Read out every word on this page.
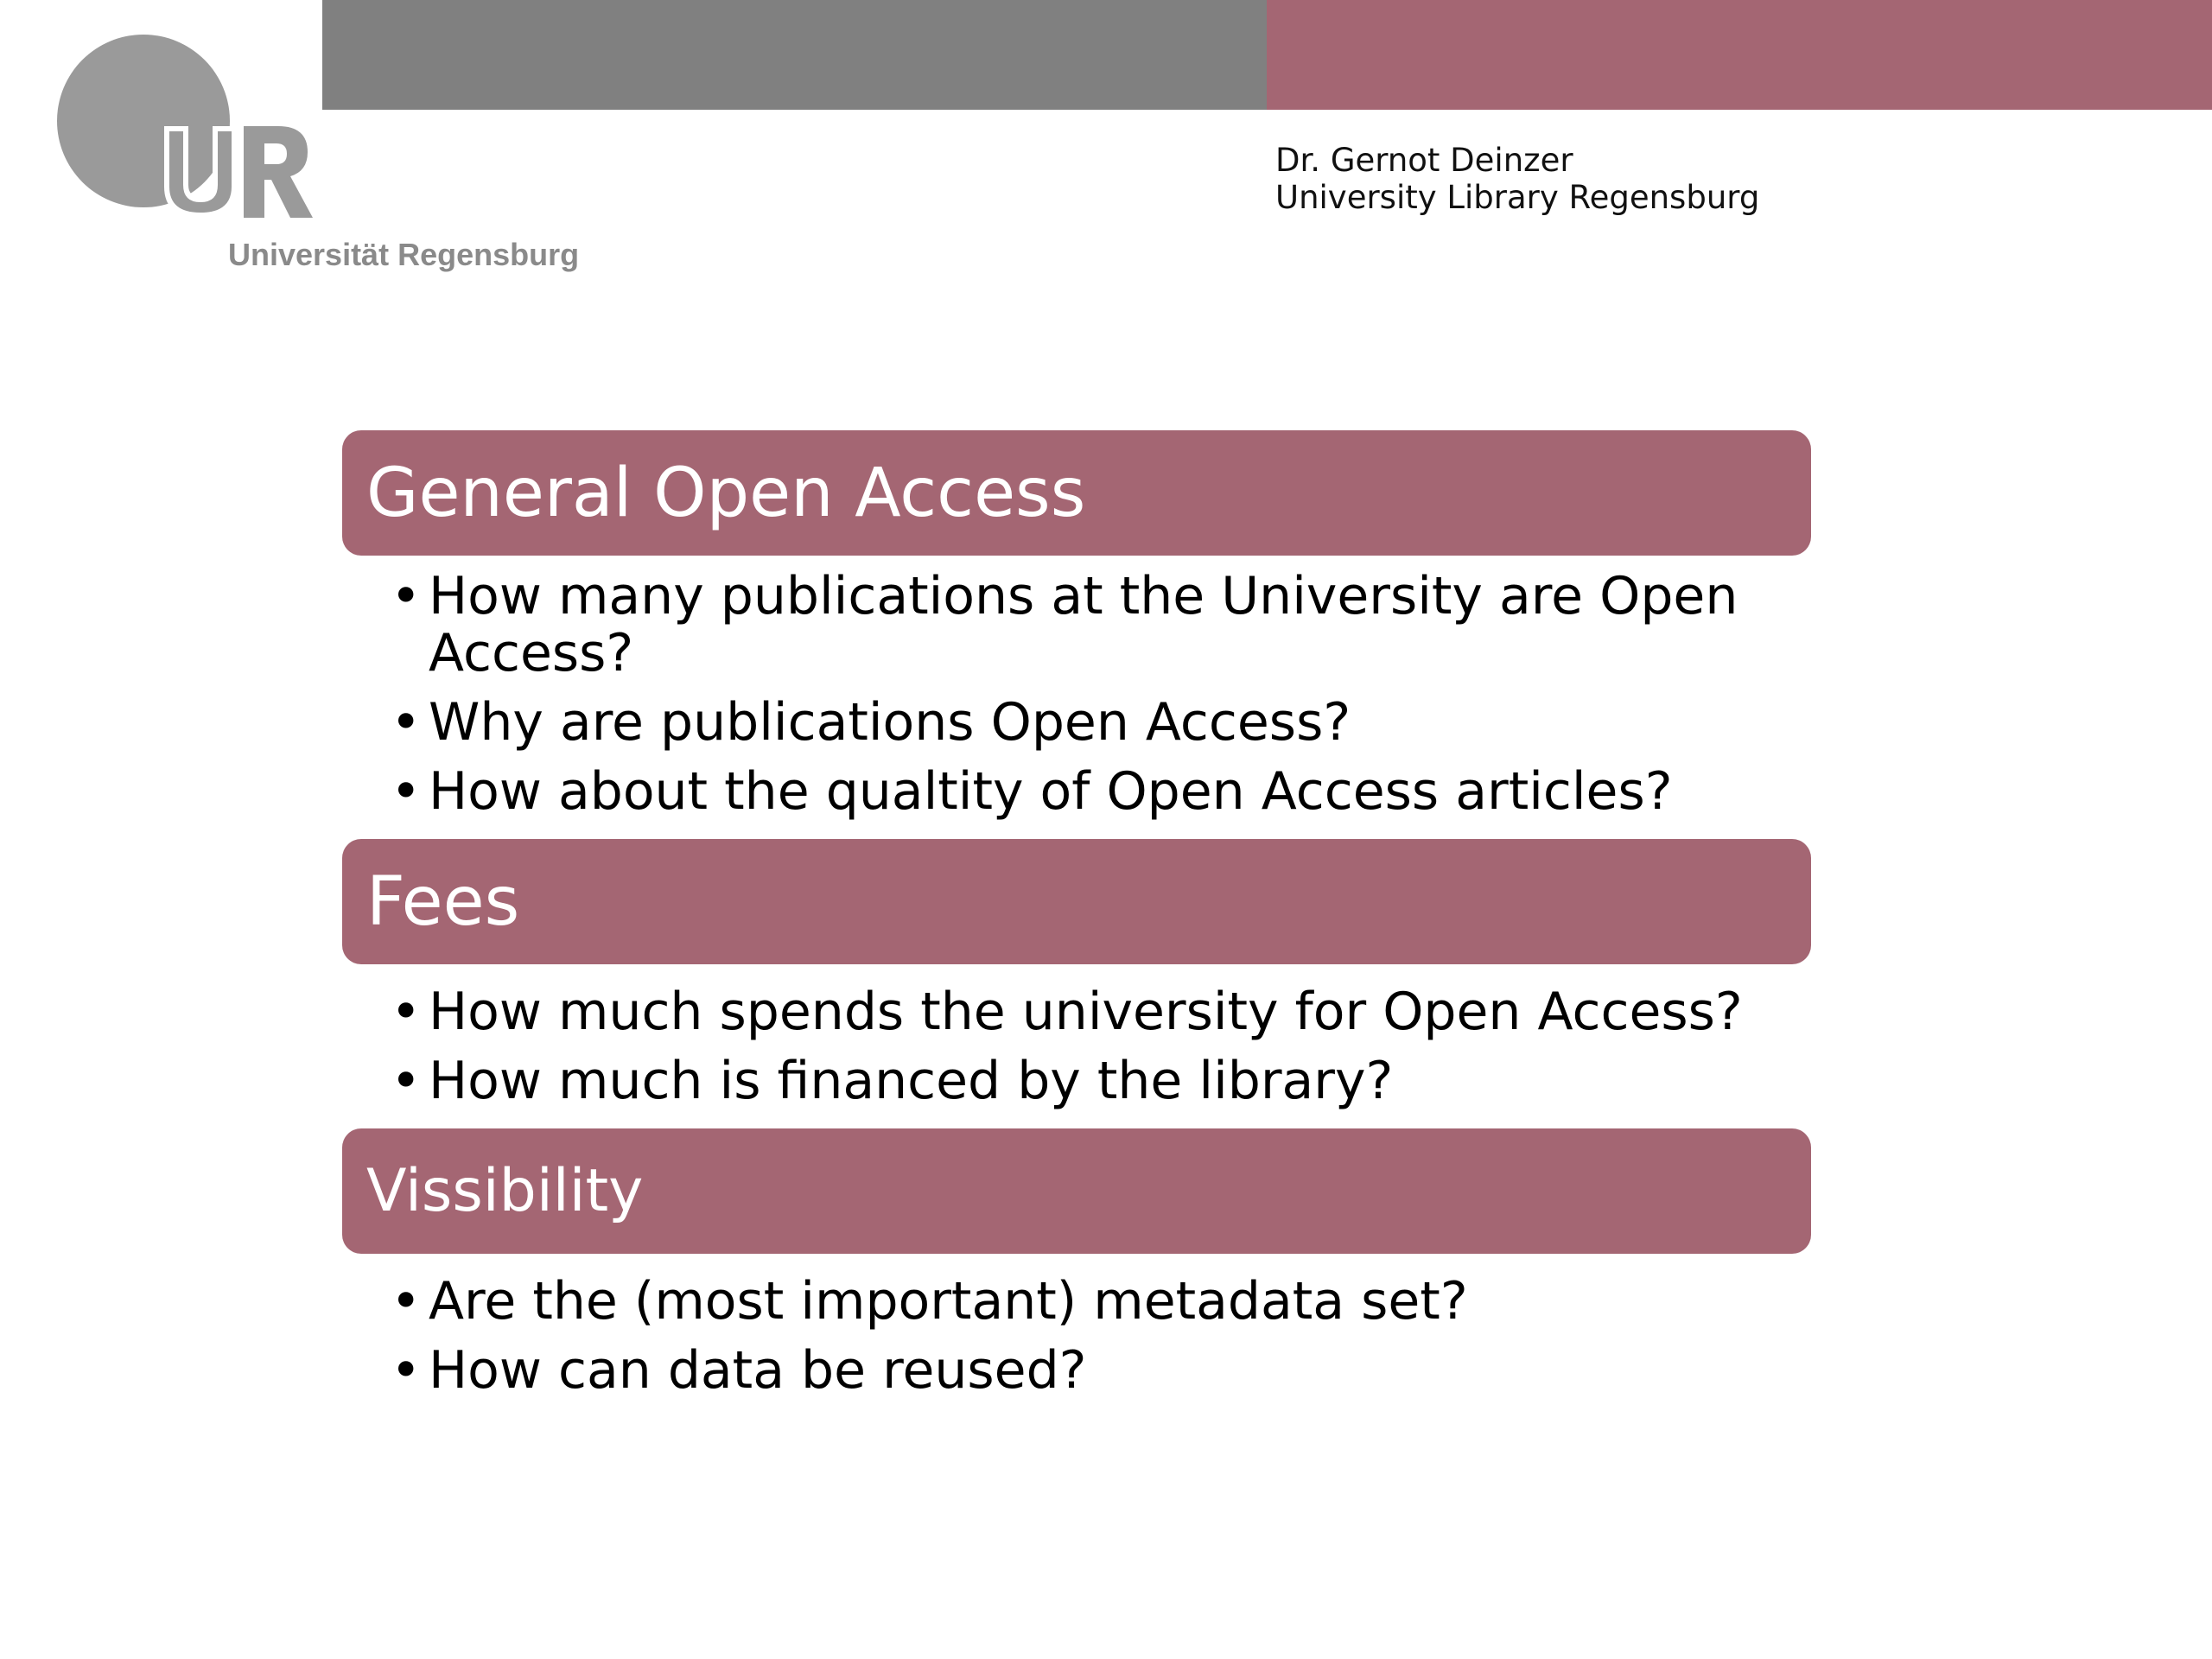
Universität Regensburg
Dr. Gernot Deinzer
University Library Regensburg
General Open Access
• How many publications at the University are Open Access?
• Why are publications Open Access?
• How about the qualtity of Open Access articles?
Fees
• How much spends the university for Open Access?
• How much is financed by the library?
Vissibility
• Are the (most important) metadata set?
• How can data be reused?
